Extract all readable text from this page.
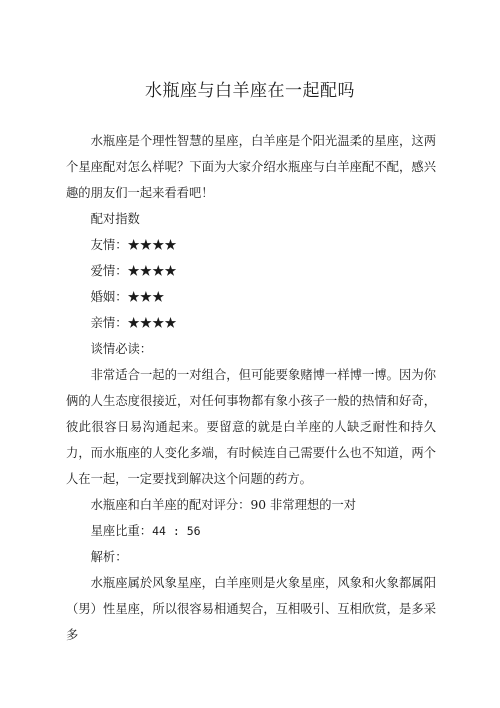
水瓶座与白羊座在一起配吗

水瓶座是个理性智慧的星座，白羊座是个阳光温柔的星座，这两个星座配对怎么样呢？下面为大家介绍水瓶座与白羊座配不配，感兴趣的朋友们一起来看看吧！

配对指数

友情：★★★★

爱情：★★★★

婚姻：★★★

亲情：★★★★

谈情必读：

非常适合一起的一对组合，但可能要象赌博一样博一博。因为你俩的人生态度很接近，对任何事物都有象小孩子一般的热情和好奇，彼此很容日易沟通起来。要留意的就是白羊座的人缺乏耐性和持久力，而水瓶座的人变化多端，有时候连自己需要什么也不知道，两个人在一起，一定要找到解决这个问题的药方。

水瓶座和白羊座的配对评分：90 非常理想的一对

星座比重：44 : 56

解析：

水瓶座属於风象星座，白羊座则是火象星座，风象和火象都属阳（男）性星座，所以很容易相通契合，互相吸引、互相欣赏，是多采多
